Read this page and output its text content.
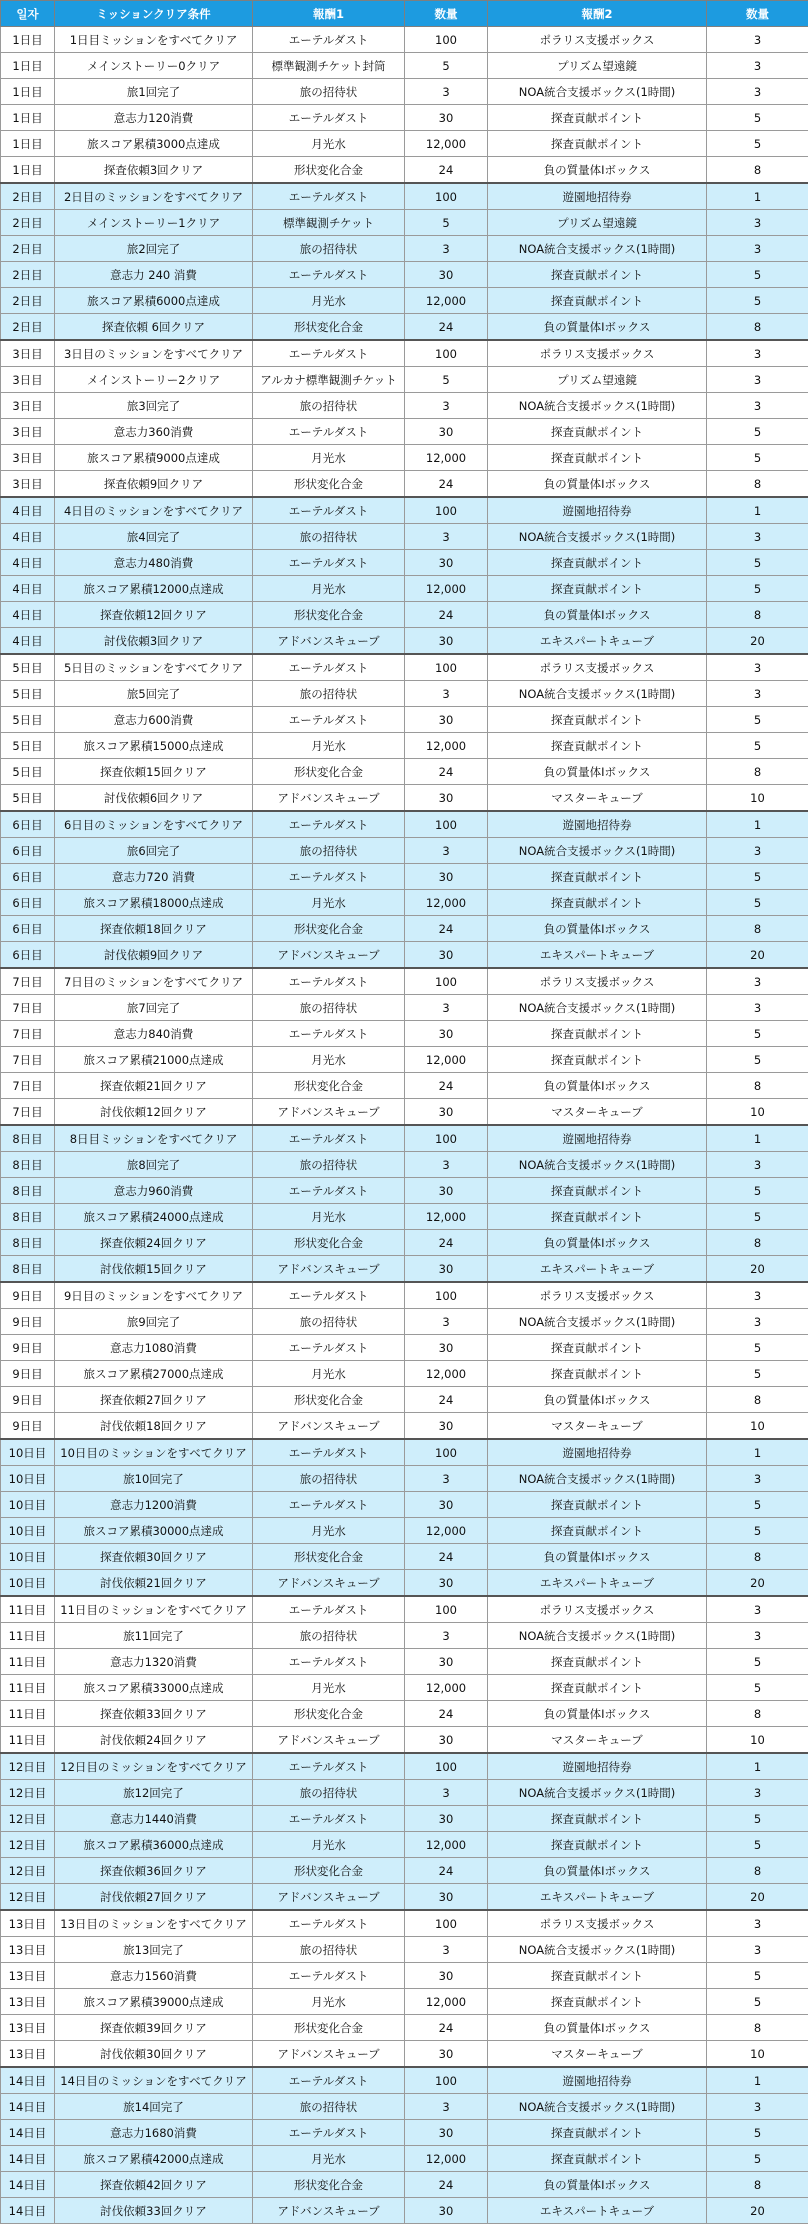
일자	ミッションクリア条件	報酬1	数量	報酬2	数量
1日目	1日目ミッションをすべてクリア	エーテルダスト	100	ポラリス支援ボックス	3
1日目	メインストーリー0クリア	標準観測チケット封筒	5	プリズム望遠鏡	3
1日目	旅1回完了	旅の招待状	3	NOA統合支援ボックス(1時間)	3
1日目	意志力120消費	エーテルダスト	30	探査貢献ポイント	5
1日目	旅スコア累積3000点達成	月光水	12,000	探査貢献ポイント	5
1日目	探査依頼3回クリア	形状変化合金	24	負の質量体Iボックス	8
2日目	2日目のミッションをすべてクリア	エーテルダスト	100	遊園地招待券	1
2日目	メインストーリー1クリア	標準観測チケット	5	プリズム望遠鏡	3
2日目	旅2回完了	旅の招待状	3	NOA統合支援ボックス(1時間)	3
2日目	意志力 240 消費	エーテルダスト	30	探査貢献ポイント	5
2日目	旅スコア累積6000点達成	月光水	12,000	探査貢献ポイント	5
2日目	探査依頼 6回クリア	形状変化合金	24	負の質量体Iボックス	8
3日目	3日目のミッションをすべてクリア	エーテルダスト	100	ポラリス支援ボックス	3
3日目	メインストーリー2クリア	アルカナ標準観測チケット	5	プリズム望遠鏡	3
3日目	旅3回完了	旅の招待状	3	NOA統合支援ボックス(1時間)	3
3日目	意志力360消費	エーテルダスト	30	探査貢献ポイント	5
3日目	旅スコア累積9000点達成	月光水	12,000	探査貢献ポイント	5
3日目	探査依頼9回クリア	形状変化合金	24	負の質量体Iボックス	8
4日目	4日目のミッションをすべてクリア	エーテルダスト	100	遊園地招待券	1
4日目	旅4回完了	旅の招待状	3	NOA統合支援ボックス(1時間)	3
4日目	意志力480消費	エーテルダスト	30	探査貢献ポイント	5
4日目	旅スコア累積12000点達成	月光水	12,000	探査貢献ポイント	5
4日目	探査依頼12回クリア	形状変化合金	24	負の質量体Iボックス	8
4日目	討伐依頼3回クリア	アドバンスキューブ	30	エキスパートキューブ	20
5日目	5日目のミッションをすべてクリア	エーテルダスト	100	ポラリス支援ボックス	3
5日目	旅5回完了	旅の招待状	3	NOA統合支援ボックス(1時間)	3
5日目	意志力600消費	エーテルダスト	30	探査貢献ポイント	5
5日目	旅スコア累積15000点達成	月光水	12,000	探査貢献ポイント	5
5日目	探査依頼15回クリア	形状変化合金	24	負の質量体Iボックス	8
5日目	討伐依頼6回クリア	アドバンスキューブ	30	マスターキューブ	10
6日目	6日目のミッションをすべてクリア	エーテルダスト	100	遊園地招待券	1
6日目	旅6回完了	旅の招待状	3	NOA統合支援ボックス(1時間)	3
6日目	意志力720 消費	エーテルダスト	30	探査貢献ポイント	5
6日目	旅スコア累積18000点達成	月光水	12,000	探査貢献ポイント	5
6日目	探査依頼18回クリア	形状変化合金	24	負の質量体Iボックス	8
6日目	討伐依頼9回クリア	アドバンスキューブ	30	エキスパートキューブ	20
7日目	7日目のミッションをすべてクリア	エーテルダスト	100	ポラリス支援ボックス	3
7日目	旅7回完了	旅の招待状	3	NOA統合支援ボックス(1時間)	3
7日目	意志力840消費	エーテルダスト	30	探査貢献ポイント	5
7日目	旅スコア累積21000点達成	月光水	12,000	探査貢献ポイント	5
7日目	探査依頼21回クリア	形状変化合金	24	負の質量体Iボックス	8
7日目	討伐依頼12回クリア	アドバンスキューブ	30	マスターキューブ	10
8日目	8日目ミッションをすべてクリア	エーテルダスト	100	遊園地招待券	1
8日目	旅8回完了	旅の招待状	3	NOA統合支援ボックス(1時間)	3
8日目	意志力960消費	エーテルダスト	30	探査貢献ポイント	5
8日目	旅スコア累積24000点達成	月光水	12,000	探査貢献ポイント	5
8日目	探査依頼24回クリア	形状変化合金	24	負の質量体Iボックス	8
8日目	討伐依頼15回クリア	アドバンスキューブ	30	エキスパートキューブ	20
9日目	9日目のミッションをすべてクリア	エーテルダスト	100	ポラリス支援ボックス	3
9日目	旅9回完了	旅の招待状	3	NOA統合支援ボックス(1時間)	3
9日目	意志力1080消費	エーテルダスト	30	探査貢献ポイント	5
9日目	旅スコア累積27000点達成	月光水	12,000	探査貢献ポイント	5
9日目	探査依頼27回クリア	形状変化合金	24	負の質量体Iボックス	8
9日目	討伐依頼18回クリア	アドバンスキューブ	30	マスターキューブ	10
10日目	10日目のミッションをすべてクリア	エーテルダスト	100	遊園地招待券	1
10日目	旅10回完了	旅の招待状	3	NOA統合支援ボックス(1時間)	3
10日目	意志力1200消費	エーテルダスト	30	探査貢献ポイント	5
10日目	旅スコア累積30000点達成	月光水	12,000	探査貢献ポイント	5
10日目	探査依頼30回クリア	形状変化合金	24	負の質量体Iボックス	8
10日目	討伐依頼21回クリア	アドバンスキューブ	30	エキスパートキューブ	20
11日目	11日目のミッションをすべてクリア	エーテルダスト	100	ポラリス支援ボックス	3
11日目	旅11回完了	旅の招待状	3	NOA統合支援ボックス(1時間)	3
11日目	意志力1320消費	エーテルダスト	30	探査貢献ポイント	5
11日目	旅スコア累積33000点達成	月光水	12,000	探査貢献ポイント	5
11日目	探査依頼33回クリア	形状変化合金	24	負の質量体Iボックス	8
11日目	討伐依頼24回クリア	アドバンスキューブ	30	マスターキューブ	10
12日目	12日目のミッションをすべてクリア	エーテルダスト	100	遊園地招待券	1
12日目	旅12回完了	旅の招待状	3	NOA統合支援ボックス(1時間)	3
12日目	意志力1440消費	エーテルダスト	30	探査貢献ポイント	5
12日目	旅スコア累積36000点達成	月光水	12,000	探査貢献ポイント	5
12日目	探査依頼36回クリア	形状変化合金	24	負の質量体Iボックス	8
12日目	討伐依頼27回クリア	アドバンスキューブ	30	エキスパートキューブ	20
13日目	13日目のミッションをすべてクリア	エーテルダスト	100	ポラリス支援ボックス	3
13日目	旅13回完了	旅の招待状	3	NOA統合支援ボックス(1時間)	3
13日目	意志力1560消費	エーテルダスト	30	探査貢献ポイント	5
13日目	旅スコア累積39000点達成	月光水	12,000	探査貢献ポイント	5
13日目	探査依頼39回クリア	形状変化合金	24	負の質量体Iボックス	8
13日目	討伐依頼30回クリア	アドバンスキューブ	30	マスターキューブ	10
14日目	14日目のミッションをすべてクリア	エーテルダスト	100	遊園地招待券	1
14日目	旅14回完了	旅の招待状	3	NOA統合支援ボックス(1時間)	3
14日目	意志力1680消費	エーテルダスト	30	探査貢献ポイント	5
14日目	旅スコア累積42000点達成	月光水	12,000	探査貢献ポイント	5
14日目	探査依頼42回クリア	形状変化合金	24	負の質量体Iボックス	8
14日目	討伐依頼33回クリア	アドバンスキューブ	30	エキスパートキューブ	20
